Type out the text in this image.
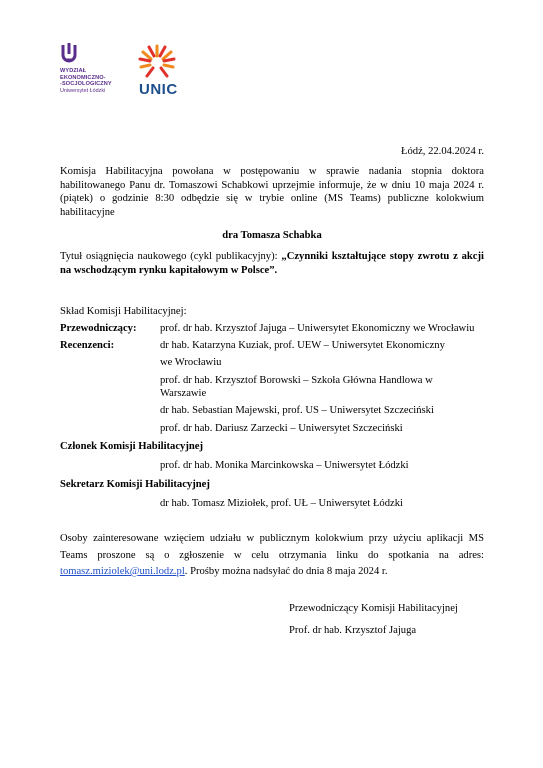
WYDZIAŁ
EKONOMICZNO-
-SOCJOLOGICZNY
Uniwersytet Łódzki	UNIC
Łódź, 22.04.2024 r.
Komisja Habilitacyjna powołana w postępowaniu w sprawie nadania stopnia doktora
habilitowanego Panu dr. Tomaszowi Schabkowi uprzejmie informuje, że w dniu 10 maja 2024 r.
(piątek) o godzinie 8:30 odbędzie się w trybie online (MS Teams) publiczne kolokwium
habilitacyjne
dra Tomasza Schabka
Tytuł osiągnięcia naukowego (cykl publikacyjny): „Czynniki kształtujące stopy zwrotu z akcji
na wschodzącym rynku kapitałowym w Polsce”.
Skład Komisji Habilitacyjnej:
Przewodniczący: prof. dr hab. Krzysztof Jajuga – Uniwersytet Ekonomiczny we Wrocławiu
Recenzenci:	dr hab. Katarzyna Kuziak, prof. UEW – Uniwersytet Ekonomiczny
we Wrocławiu
prof. dr hab. Krzysztof Borowski – Szkoła Główna Handlowa w
Warszawie
dr hab. Sebastian Majewski, prof. US – Uniwersytet Szczeciński
prof. dr hab. Dariusz Zarzecki – Uniwersytet Szczeciński
Członek Komisji Habilitacyjnej
prof. dr hab. Monika Marcinkowska – Uniwersytet Łódzki
Sekretarz Komisji Habilitacyjnej
dr hab. Tomasz Miziołek, prof. UŁ – Uniwersytet Łódzki
Osoby zainteresowane wzięciem udziału w publicznym kolokwium przy użyciu aplikacji MS
Teams proszone są o zgłoszenie w celu otrzymania linku do spotkania na adres:
tomasz.miziolek@uni.lodz.pl. Prośby można nadsyłać do dnia 8 maja 2024 r.
Przewodniczący Komisji Habilitacyjnej
Prof. dr hab. Krzysztof Jajuga
